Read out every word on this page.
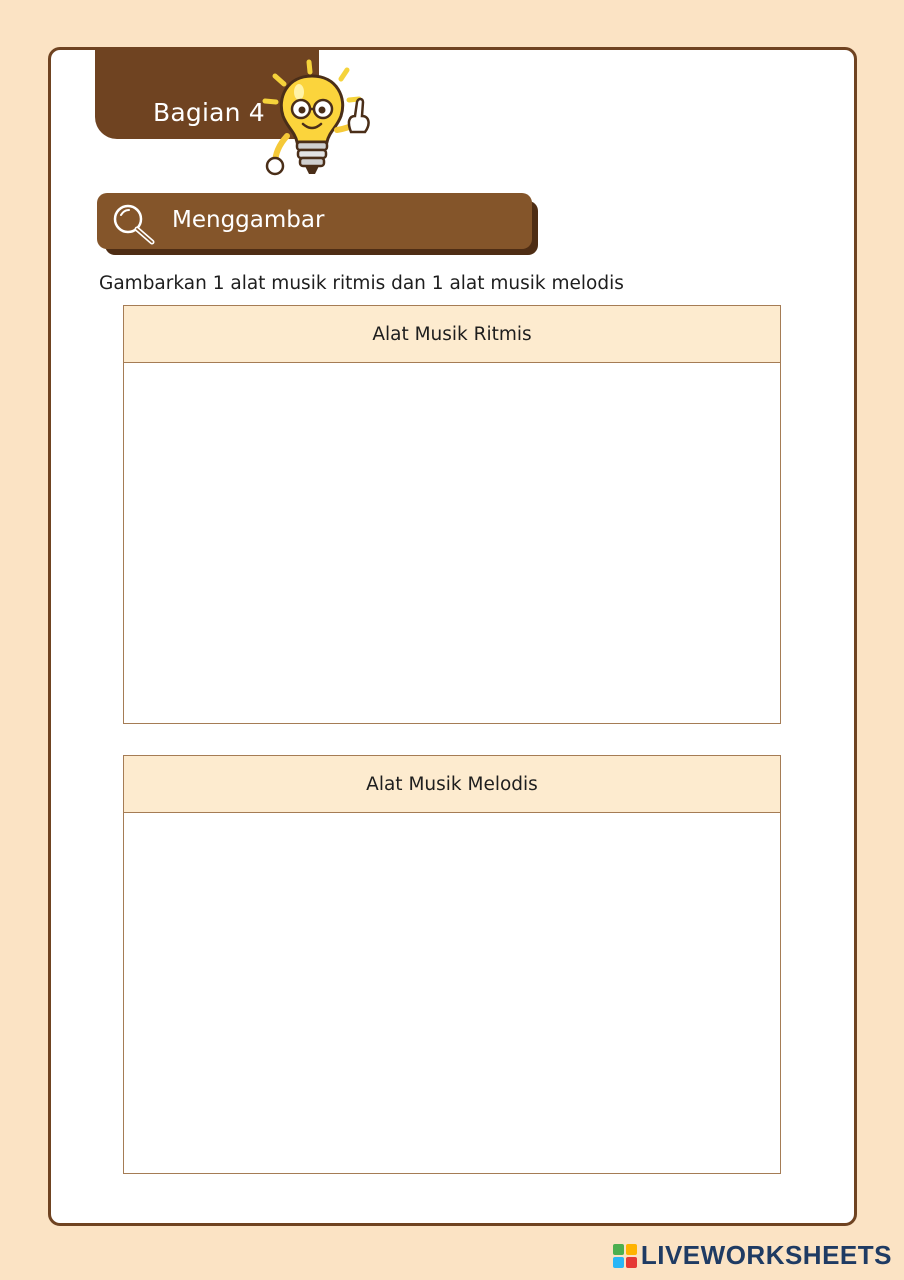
Bagian 4
Menggambar
Gambarkan 1 alat musik ritmis dan 1 alat musik melodis
Alat Musik Ritmis
Alat Musik Melodis
LIVEWORKSHEETS
